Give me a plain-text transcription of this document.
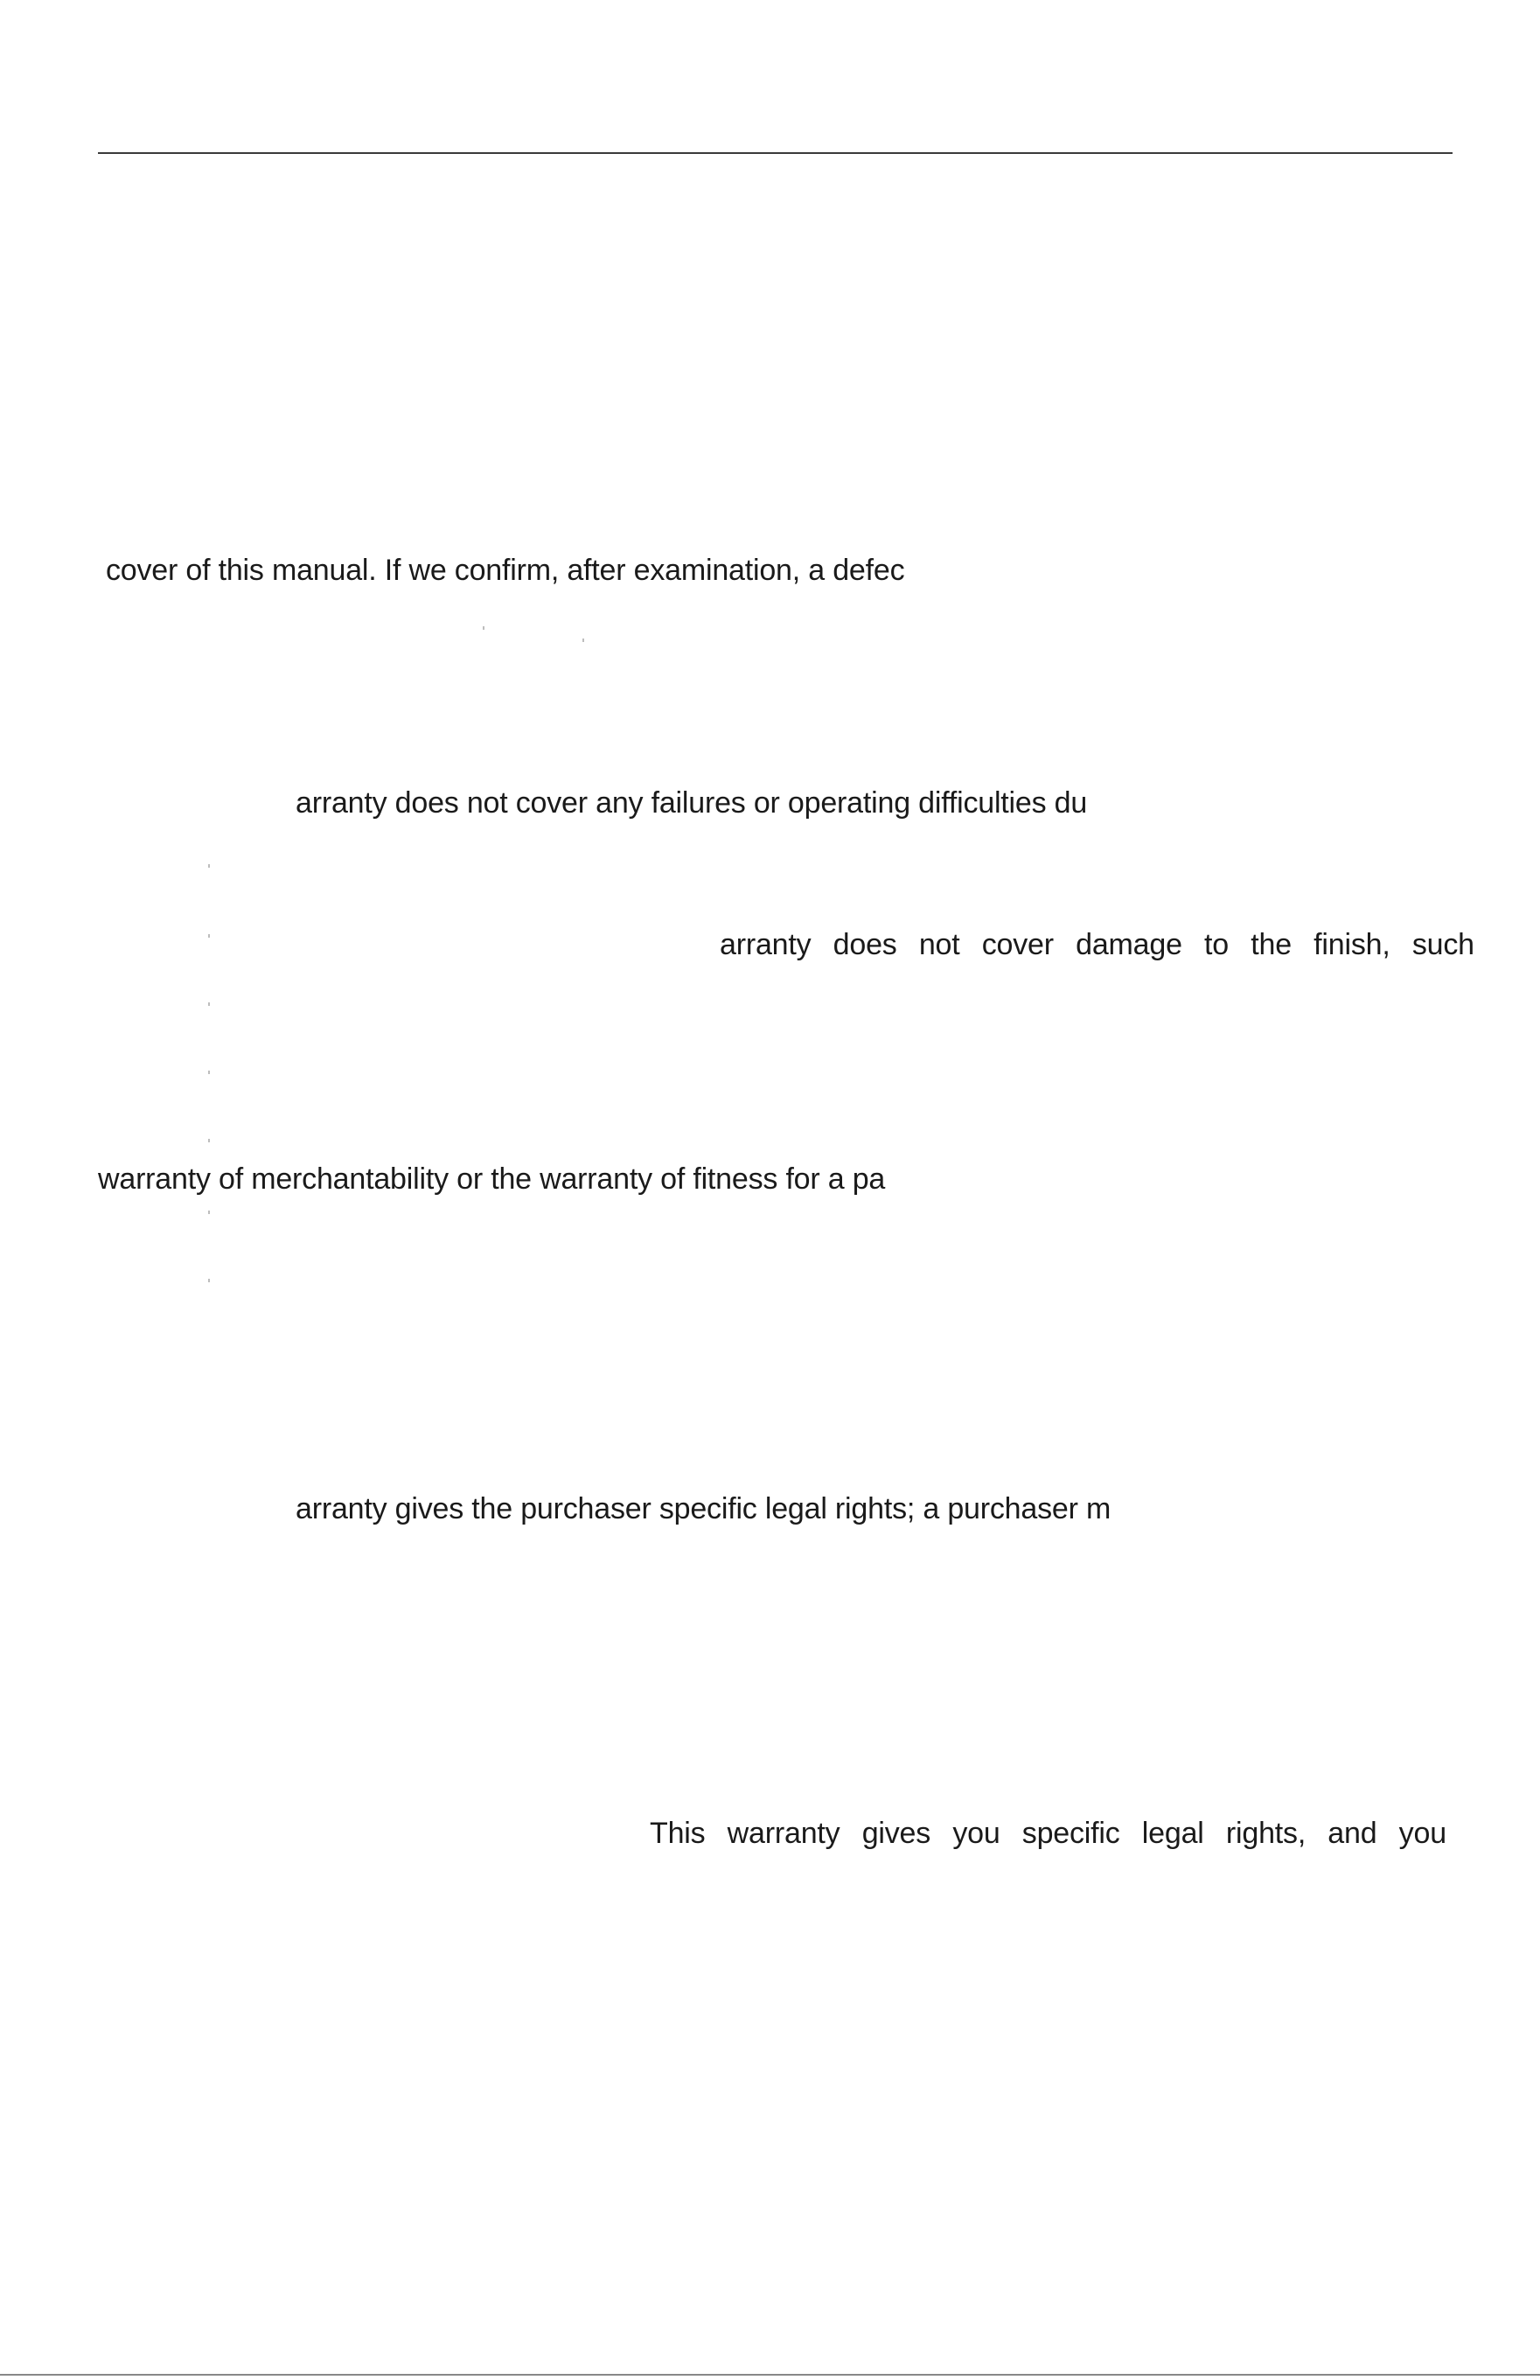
cover of this manual. If we confirm, after examination, a defec
arranty does not cover any failures or operating difficulties du
arranty does not cover damage to the finish, such
warranty of merchantability or the warranty of fitness for a pa
arranty gives the purchaser specific legal rights; a purchaser m
This warranty gives you specific legal rights, and you
